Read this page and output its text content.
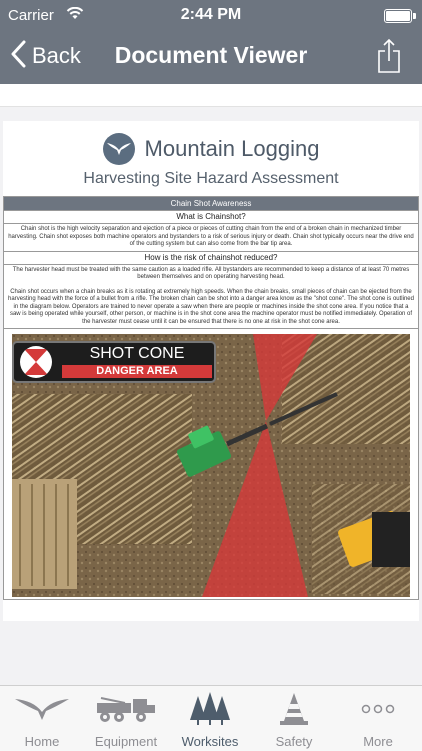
Carrier	2:44 PM
Back	Document Viewer
Mountain Logging
Harvesting Site Hazard Assessment
Chain Shot Awareness
What is Chainshot?
Chain shot is the high velocity separation and ejection of a piece or pieces of cutting chain from the end of a broken chain in mechanized timber harvesting. Chain shot exposes both machine operators and bystanders to a risk of serious injury or death. Chain shot typically occurs near the drive end of the cutting system but can also come from the bar tip area.
How is the risk of chainshot reduced?
The harvester head must be treated with the same caution as a loaded rifle. All bystanders are recommended to keep a distance of at least 70 metres between themselves and on operating harvesting head.
Chain shot occurs when a chain breaks as it is rotating at extremely high speeds. When the chain breaks, small pieces of chain can be ejected from the harvesting head with the force of a bullet from a rifle. The broken chain can be shot into a danger area know as the "shot cone". The shot cone is outlined in the diagram below. Operators are trained to never operate a saw when there are people or machines inside the shot cone area. If you notice that a saw is being operated while yourself, other person, or machine is in the shot cone area the machine operator must be notified immediately. Operation of the harvester must cease until it can be ensured that there is no one at risk in the shot cone area.
SHOT CONE
DANGER AREA
Home	Equipment	Worksites	Safety	More
